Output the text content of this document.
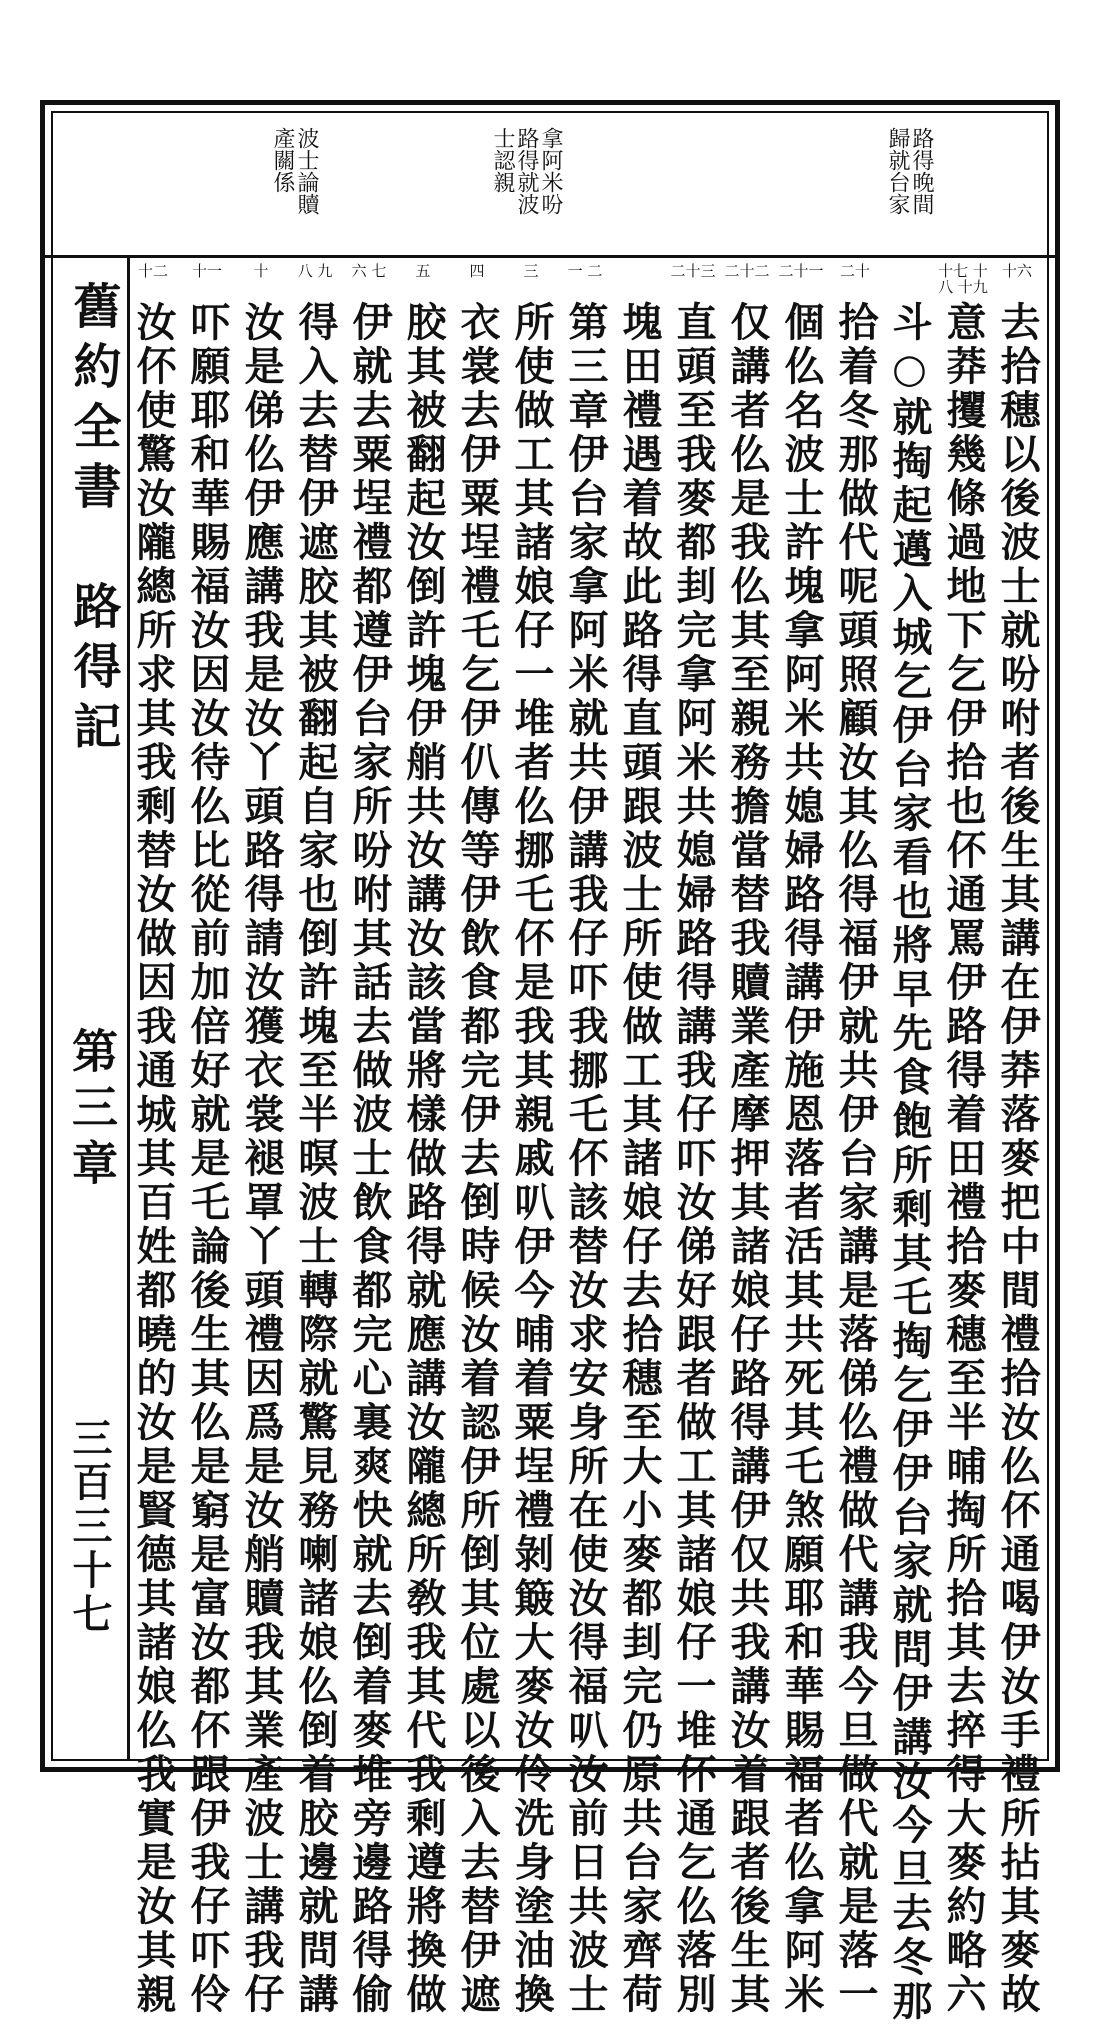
路得晚間
歸就台家
拿阿米吩
路得就波
士認親
波士論贖
產關係
舊約全書　路得記
第三章
三百三十七
十六
去拾穗以後波士就吩咐者後生其講在伊莽落麥把中間禮拾汝仫伓通喝伊汝手禮所拈其麥故
十七 十八 十九
意莽攫幾條過地下乞伊拾也伓通罵伊路得着田禮拾麥穗至半晡掏所拾其去捽得大麥約略六
斗○就掏起邁入城乞伊台家看也將早先食飽所剩其乇掏乞伊伊台家就問伊講汝今旦去冬那
二十
拾着冬那做代呢頭照顧汝其仫得福伊就共伊台家講是落俤仫禮做代講我今旦做代就是落一
二十一
個仫名波士許塊拿阿米共媳婦路得講伊施恩落者活其共死其乇煞願耶和華賜福者仫拿阿米
二十二
仅講者仫是我仫其至親務擔當替我贖業產摩押其諸娘仔路得講伊仅共我講汝着跟者後生其
二十三
直頭至我麥都刲完拿阿米共媳婦路得講我仔吓汝俤好跟者做工其諸娘仔一堆伓通乞仫落別
塊田禮遇着故此路得直頭跟波士所使做工其諸娘仔去拾穗至大小麥都刲完仍原共台家齊荷
一 二
第三章伊台家拿阿米就共伊講我仔吓我挪乇伓該替汝求安身所在使汝得福叭汝前日共波士
三
所使做工其諸娘仔一堆者仫挪乇伓是我其親戚叭伊今晡着粟埕禮剝簸大麥汝伶洗身塗油換
四
衣裳去伊粟埕禮乇乞伊仈傳等伊飲食都完伊去倒時候汝着認伊所倒其位處以後入去替伊遮
五
胶其被翻起汝倒許塊伊艄共汝講汝該當將樣做路得就應講汝隴總所敎我其代我剩遵將換做
六 七
伊就去粟埕禮都遵伊台家所吩咐其話去做波士飲食都完心裏爽快就去倒着麥堆旁邊路得偷
八 九
得入去替伊遮胶其被翻起自家也倒許塊至半暝波士轉際就驚見務喇諸娘仫倒着胶邊就問講
十
汝是俤仫伊應講我是汝丫頭路得請汝獲衣裳褪罩丫頭禮因爲是汝艄贖我其業產波士講我仔
十一
吓願耶和華賜福汝因汝待仫比從前加倍好就是乇論後生其仫是窮是富汝都伓跟伊我仔吓伶
十二
汝伓使驚汝隴總所求其我剩替汝做因我通城其百姓都曉的汝是賢德其諸娘仫我實是汝其親
